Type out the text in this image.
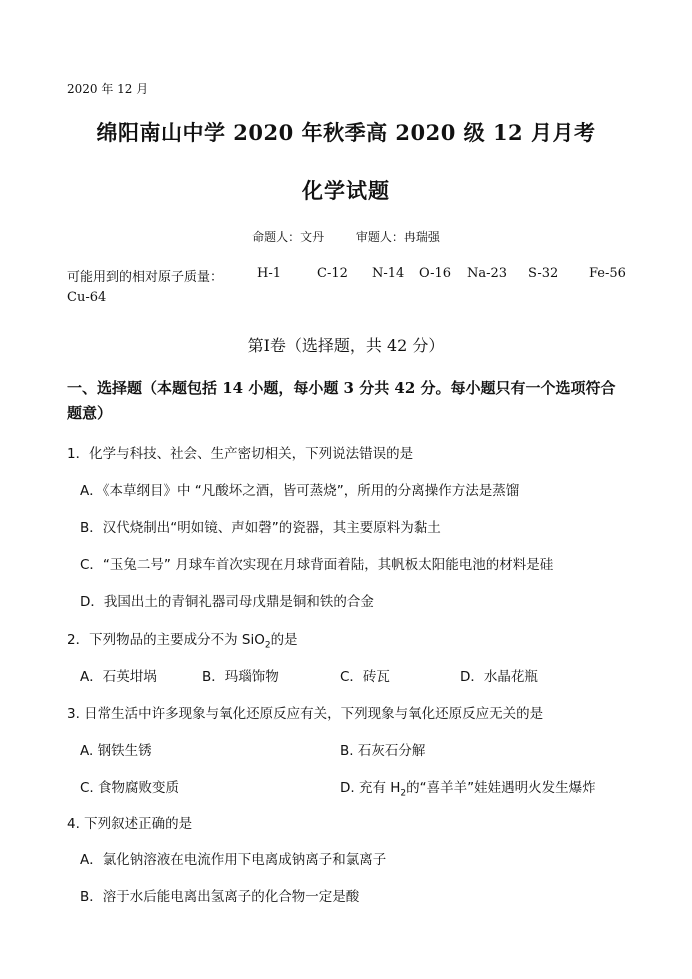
2020 年 12 月
绵阳南山中学 2020 年秋季高 2020 级 12 月月考
化学试题
命题人：文丹	审题人：冉瑞强
可能用到的相对原子质量：	H-1	C-12 N-14 O-16 Na-23 S-32 Fe-56
Cu-64
第Ⅰ卷（选择题，共 42 分）
一、选择题（本题包括 14 小题，每小题 3 分共 42 分。每小题只有一个选项符合
题意）
1．化学与科技、社会、生产密切相关，下列说法错误的是
A．《本草纲目》中 “凡酸坏之酒，皆可蒸烧”，所用的分离操作方法是蒸馏
B．汉代烧制出“明如镜、声如磬”的瓷器，其主要原料为黏土
C．“玉兔二号” 月球车首次实现在月球背面着陆，其帆板太阳能电池的材料是硅
D．我国出土的青铜礼器司母戊鼎是铜和铁的合金
2．下列物品的主要成分不为 SiO$_2$的是
A．石英坩埚	B．玛瑙饰物	C．砖瓦	D．水晶花瓶
3. 日常生活中许多现象与氧化还原反应有关，下列现象与氧化还原反应无关的是
A. 钢铁生锈	B. 石灰石分解
C. 食物腐败变质	D. 充有 $H_2$的“喜羊羊”娃娃遇明火发生爆炸
4. 下列叙述正确的是
A．氯化钠溶液在电流作用下电离成钠离子和氯离子
B．溶于水后能电离出氢离子的化合物一定是酸
